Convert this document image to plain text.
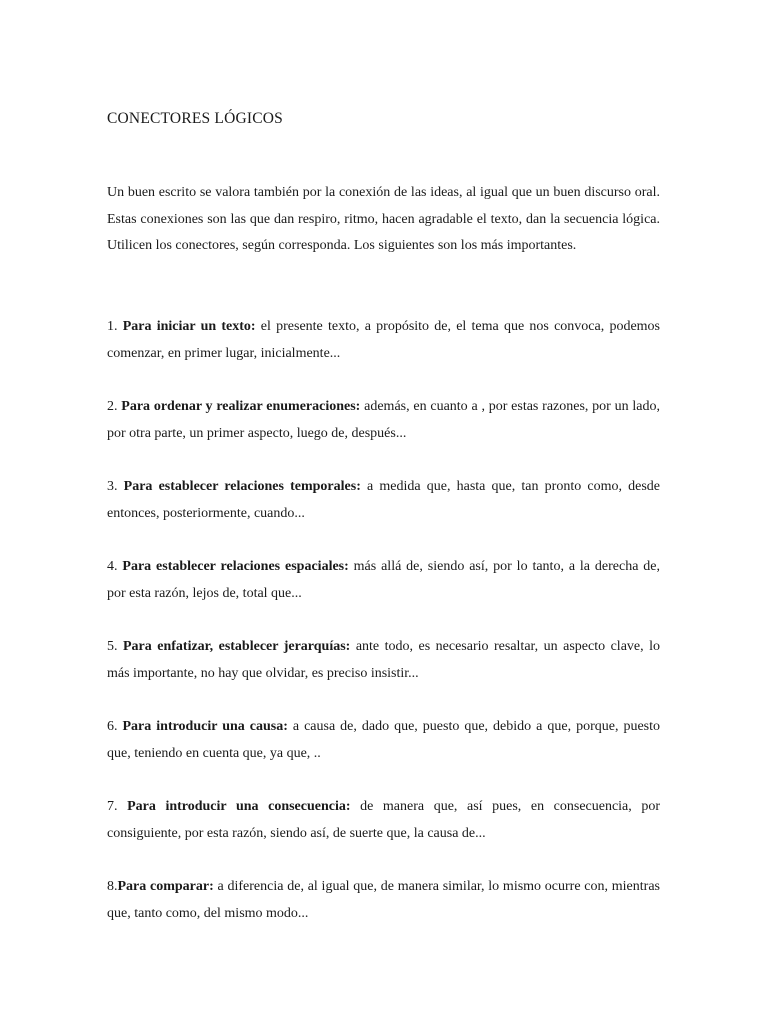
CONECTORES LÓGICOS

Un buen escrito se valora también por la conexión de las ideas, al igual que un buen discurso oral. Estas conexiones son las que dan respiro, ritmo, hacen agradable el texto, dan la secuencia lógica. Utilicen los conectores, según corresponda. Los siguientes son los más importantes.

1. Para iniciar un texto: el presente texto, a propósito de, el tema que nos convoca, podemos comenzar, en primer lugar, inicialmente...

2. Para ordenar y realizar enumeraciones: además, en cuanto a , por estas razones, por un lado, por otra parte, un primer aspecto, luego de, después...

3. Para establecer relaciones temporales: a medida que, hasta que, tan pronto como, desde entonces, posteriormente, cuando...

4. Para establecer relaciones espaciales: más allá de, siendo así, por lo tanto, a la derecha de, por esta razón, lejos de, total que...

5. Para enfatizar, establecer jerarquías: ante todo, es necesario resaltar, un aspecto clave, lo más importante, no hay que olvidar, es preciso insistir...

6. Para introducir una causa: a causa de, dado que, puesto que, debido a que, porque, puesto que, teniendo en cuenta que, ya que, ..

7. Para introducir una consecuencia: de manera que, así pues, en consecuencia, por consiguiente, por esta razón, siendo así, de suerte que, la causa de...

8.Para comparar: a diferencia de, al igual que, de manera similar, lo mismo ocurre con, mientras que, tanto como, del mismo modo...
